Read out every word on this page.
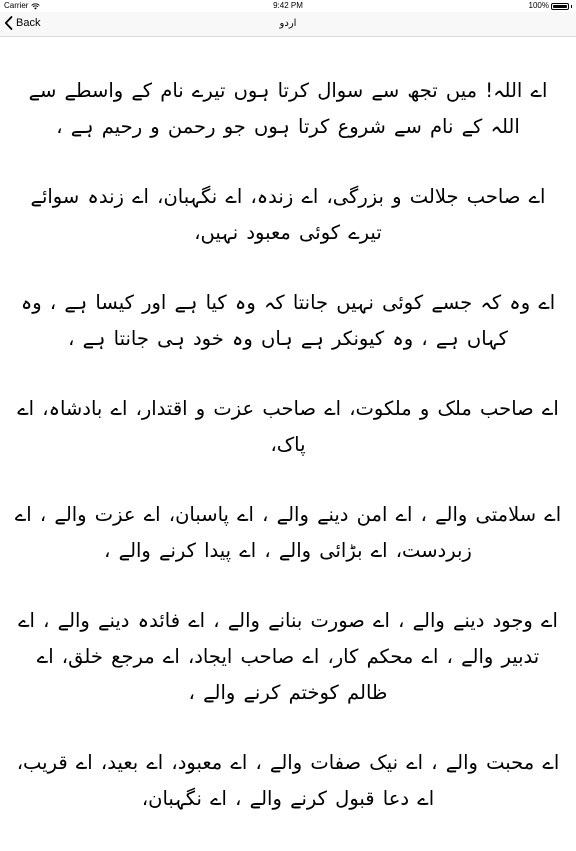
Carrier	9:42 PM	100%
Back	اردو

اے اللہ! میں تجھ سے سوال کرتا ہوں تیرے نام کے واسطے سے اللہ کے نام سے شروع کرتا ہوں جو رحمن و رحیم ہے ،

اے صاحب جلالت و بزرگی، اے زندہ، اے نگہبان، اے زندہ سوائے تیرے کوئی معبود نہیں،

اے وہ کہ جسے کوئی نہیں جانتا کہ وہ کیا ہے اور کیسا ہے ، وہ کہاں ہے ، وہ کیونکر ہے ہاں وہ خود ہی جانتا ہے ،

اے صاحب ملک و ملکوت، اے صاحب عزت و اقتدار، اے بادشاہ، اے پاک،

اے سلامتی والے ، اے امن دینے والے ، اے پاسبان، اے عزت والے ، اے زبردست، اے بڑائی والے ، اے پیدا کرنے والے ،

اے وجود دینے والے ، اے صورت بنانے والے ، اے فائدہ دینے والے ، اے تدبیر والے ، اے محکم کار، اے صاحب ایجاد، اے مرجع خلق، اے ظالم کوختم کرنے والے ،

اے محبت والے ، اے نیک صفات والے ، اے معبود، اے بعید، اے قریب، اے دعا قبول کرنے والے ، اے نگہبان،
